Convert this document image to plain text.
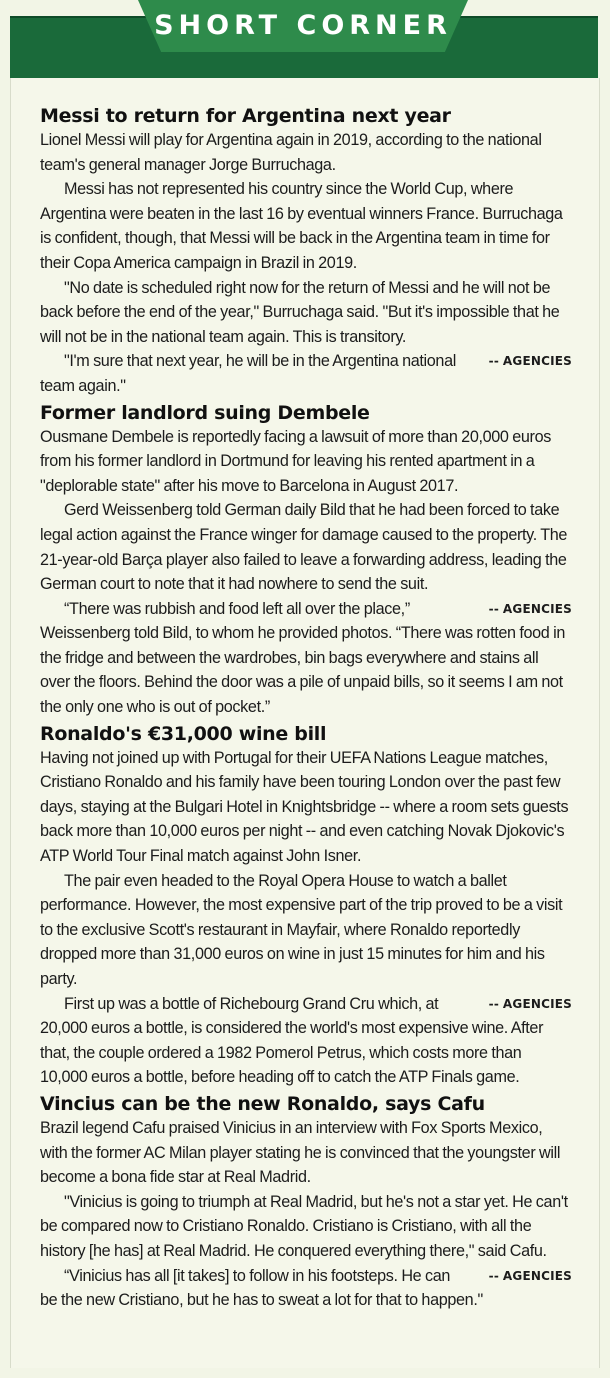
SHORT CORNER
Messi to return for Argentina next year

Lionel Messi will play for Argentina again in 2019, according to the national team's general manager Jorge Burruchaga.

Messi has not represented his country since the World Cup, where Argentina were beaten in the last 16 by eventual winners France. Burruchaga is confident, though, that Messi will be back in the Argentina team in time for their Copa America campaign in Brazil in 2019.

"No date is scheduled right now for the return of Messi and he will not be back before the end of the year," Burruchaga said. "But it's impossible that he will not be in the national team again. This is transitory.

-- AGENCIES
"I'm sure that next year, he will be in the Argentina national team again."

Former landlord suing Dembele

Ousmane Dembele is reportedly facing a lawsuit of more than 20,000 euros from his former landlord in Dortmund for leaving his rented apartment in a "deplorable state" after his move to Barcelona in August 2017.

Gerd Weissenberg told German daily Bild that he had been forced to take legal action against the France winger for damage caused to the property. The 21-year-old Barça player also failed to leave a forwarding address, leading the German court to note that it had nowhere to send the suit.

-- AGENCIES
“There was rubbish and food left all over the place,” Weissenberg told Bild, to whom he provided photos. “There was rotten food in the fridge and between the wardrobes, bin bags everywhere and stains all over the floors. Behind the door was a pile of unpaid bills, so it seems I am not the only one who is out of pocket.”

Ronaldo's €31,000 wine bill

Having not joined up with Portugal for their UEFA Nations League matches, Cristiano Ronaldo and his family have been touring London over the past few days, staying at the Bulgari Hotel in Knightsbridge -- where a room sets guests back more than 10,000 euros per night -- and even catching Novak Djokovic's ATP World Tour Final match against John Isner.

The pair even headed to the Royal Opera House to watch a ballet performance. However, the most expensive part of the trip proved to be a visit to the exclusive Scott's restaurant in Mayfair, where Ronaldo reportedly dropped more than 31,000 euros on wine in just 15 minutes for him and his party.

-- AGENCIES
First up was a bottle of Richebourg Grand Cru which, at 20,000 euros a bottle, is considered the world's most expensive wine. After that, the couple ordered a 1982 Pomerol Petrus, which costs more than 10,000 euros a bottle, before heading off to catch the ATP Finals game.

Vincius can be the new Ronaldo, says Cafu

Brazil legend Cafu praised Vinicius in an interview with Fox Sports Mexico, with the former AC Milan player stating he is convinced that the youngster will become a bona fide star at Real Madrid.

"Vinicius is going to triumph at Real Madrid, but he's not a star yet. He can't be compared now to Cristiano Ronaldo. Cristiano is Cristiano, with all the history [he has] at Real Madrid. He conquered everything there," said Cafu.

-- AGENCIES
“Vinicius has all [it takes] to follow in his footsteps. He can be the new Cristiano, but he has to sweat a lot for that to happen."
